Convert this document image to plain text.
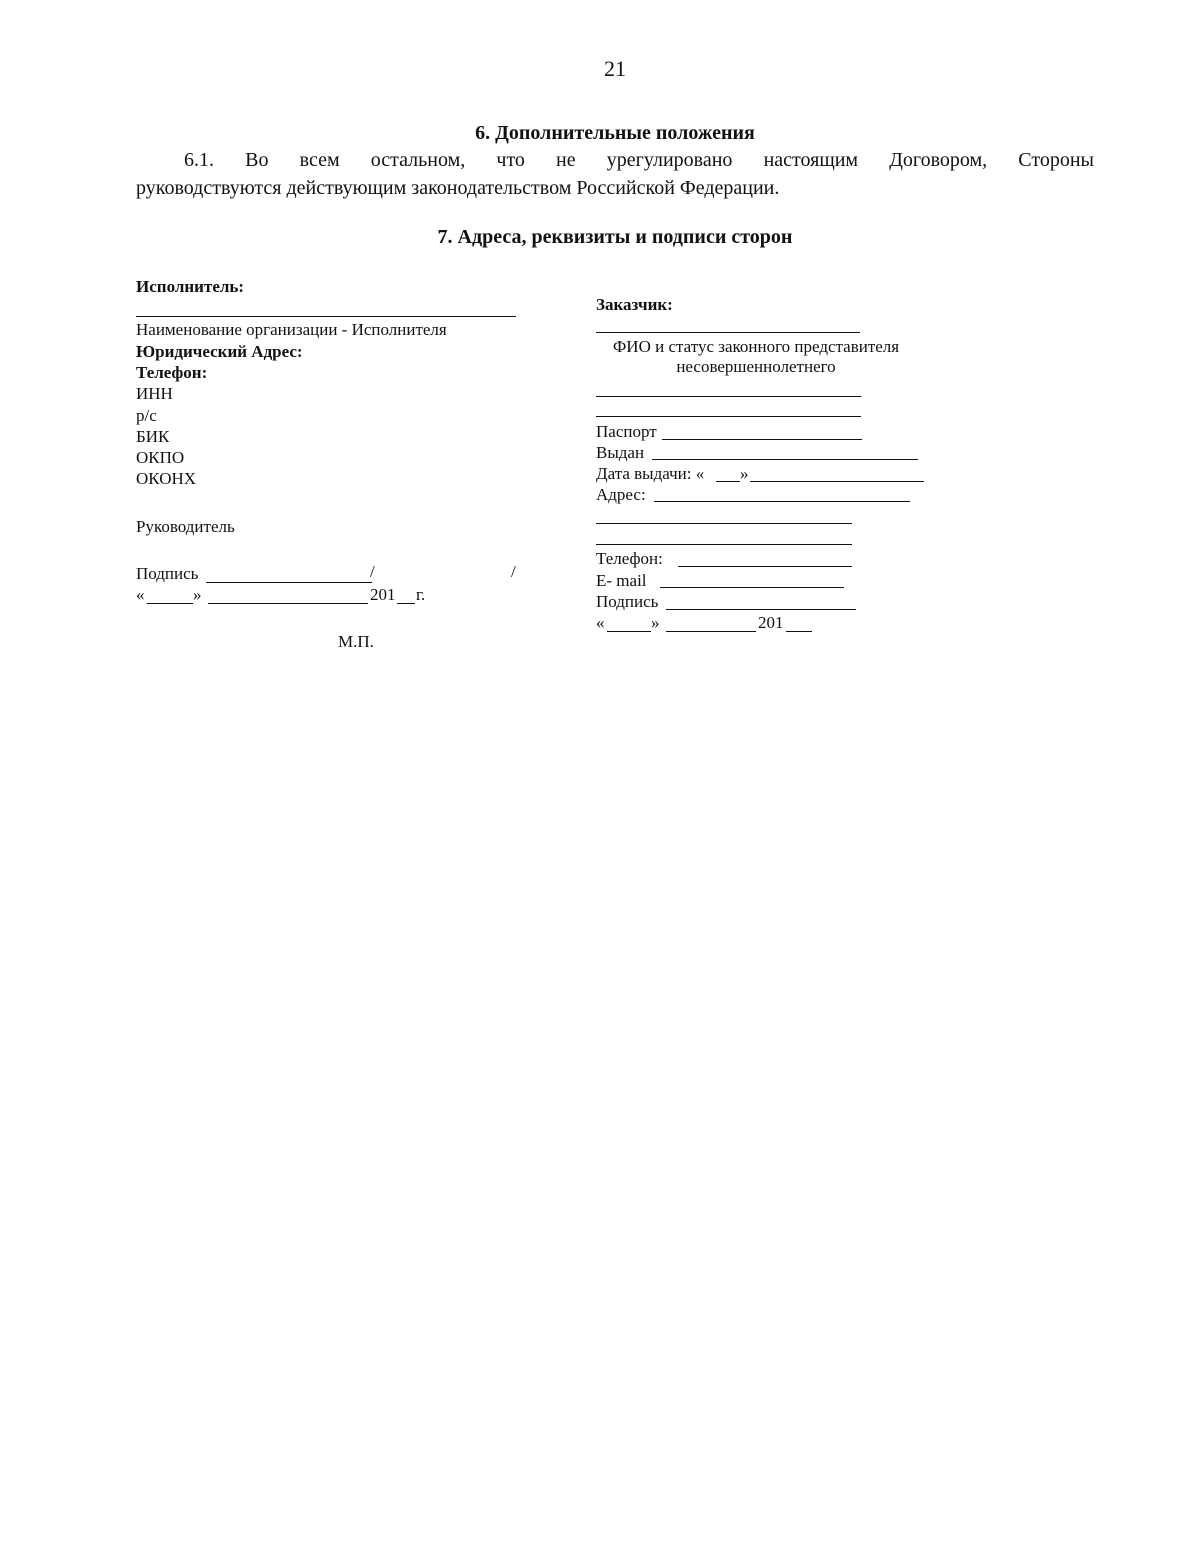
21
6. Дополнительные положения
6.1. Во всем остальном, что не урегулировано настоящим Договором, Стороны
руководствуются действующим законодательством Российской Федерации.
7. Адреса, реквизиты и подписи сторон
Исполнитель:
Наименование организации - Исполнителя
Юридический Адрес:
Телефон:
ИНН
р/с
БИК
ОКПО
ОКОНХ
Руководитель
Подпись	/	/
«	»	201 г.
М.П.
Заказчик:
ФИО и статус законного представителя
несовершеннолетнего
Паспорт
Выдан
Дата выдачи: « »
Адрес:
Телефон:
E- mail
Подпись
«	»	201
